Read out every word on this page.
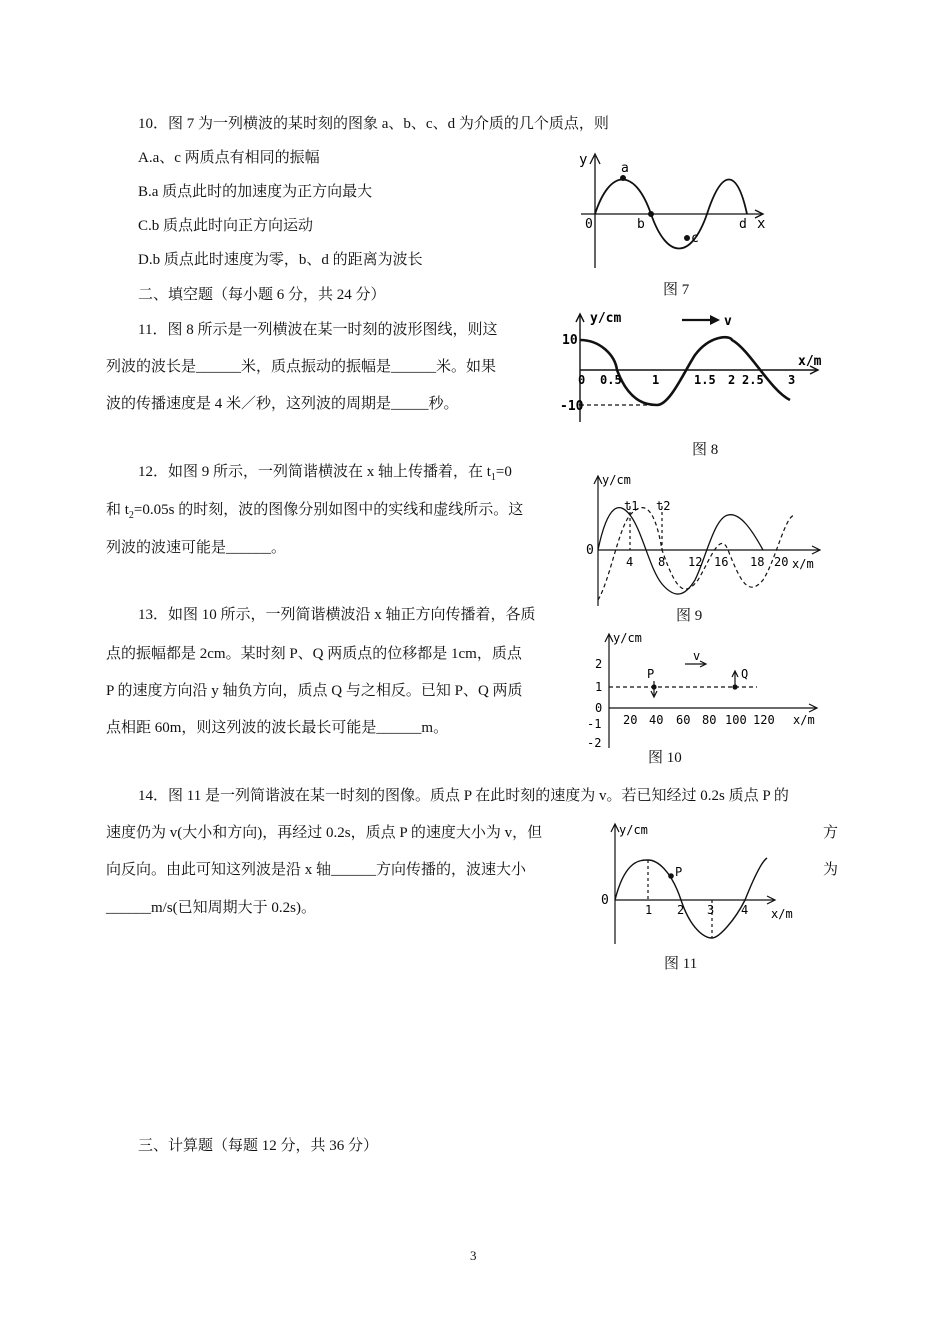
10．图 7 为一列横波的某时刻的图象 a、b、c、d 为介质的几个质点，则
A.a、c 两质点有相同的振幅
B.a 质点此时的加速度为正方向最大
C.b 质点此时向正方向运动
D.b 质点此时速度为零，b、d 的距离为波长
二、填空题（每小题 6 分，共 24 分）
y
x
0
a
b
c
d
图 7
11．图 8 所示是一列横波在某一时刻的波形图线，则这
列波的波长是______米，质点振动的振幅是______米。如果
波的传播速度是 4 米／秒，这列波的周期是_____秒。
y/cm	v
x/m
10
-10
0 0.5	1	1.5 2 2.5 3
图 8
12．如图 9 所示，一列简谐横波在 x 轴上传播着，在 $t_1=0$
和 $t_2=0.05s$ 的时刻，波的图像分别如图中的实线和虚线所示。这
列波的波速可能是______。
y/cm
0
t1 t2
4 8 12 16 18 20 x/m
图 9
13．如图 10 所示，一列简谐横波沿 x 轴正方向传播着，各质
点的振幅都是 2cm。某时刻 P、Q 两质点的位移都是 1cm，质点
P 的速度方向沿 y 轴负方向，质点 Q 与之相反。已知 P、Q 两质
点相距 60m，则这列波的波长最长可能是______m。
y/cm
2
1
0
-1
-2
P	Q
v
20 40 60 80 100 120 x/m
图 10
14．图 11 是一列简谐波在某一时刻的图像。质点 P 在此时刻的速度为 v。若已知经过 0.2s 质点 P 的
速度仍为 v(大小和方向)，再经过 0.2s，质点 P 的速度大小为 v，但	方
向反向。由此可知这列波是沿 x 轴______方向传播的，波速大小	为
______m/s(已知周期大于 0.2s)。
y/cm
0
P
1 2 3 4 x/m
图 11
三、计算题（每题 12 分，共 36 分）
3
